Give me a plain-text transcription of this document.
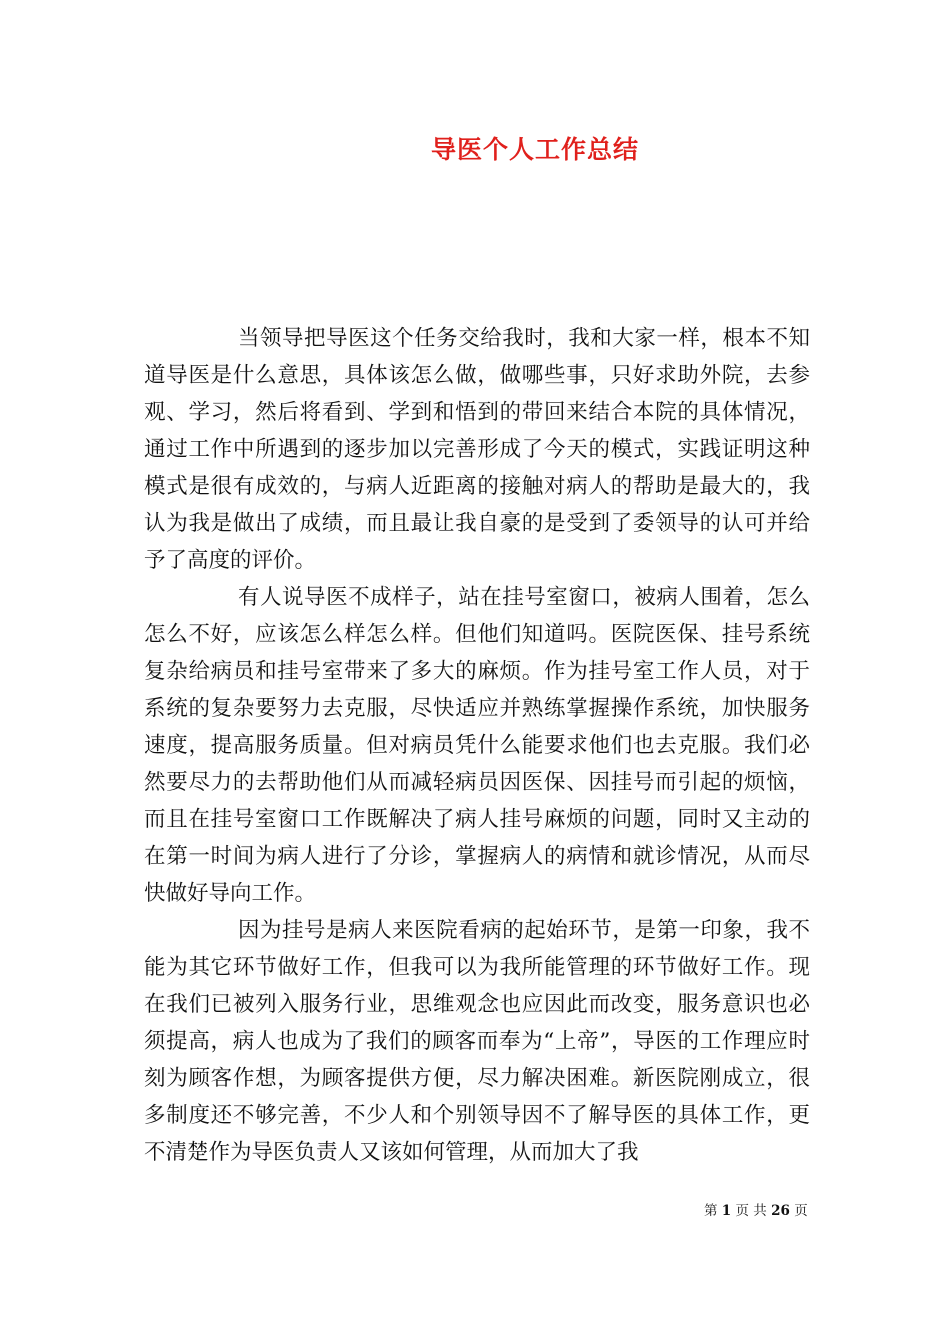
导医个人工作总结

当领导把导医这个任务交给我时，我和大家一样，根本不知道导医是什么意思，具体该怎么做，做哪些事，只好求助外院，去参观、学习，然后将看到、学到和悟到的带回来结合本院的具体情况，通过工作中所遇到的逐步加以完善形成了今天的模式，实践证明这种模式是很有成效的，与病人近距离的接触对病人的帮助是最大的，我认为我是做出了成绩，而且最让我自豪的是受到了委领导的认可并给予了高度的评价。

有人说导医不成样子，站在挂号室窗口，被病人围着，怎么怎么不好，应该怎么样怎么样。但他们知道吗。医院医保、挂号系统复杂给病员和挂号室带来了多大的麻烦。作为挂号室工作人员，对于系统的复杂要努力去克服，尽快适应并熟练掌握操作系统，加快服务速度，提高服务质量。但对病员凭什么能要求他们也去克服。我们必然要尽力的去帮助他们从而减轻病员因医保、因挂号而引起的烦恼，而且在挂号室窗口工作既解决了病人挂号麻烦的问题，同时又主动的在第一时间为病人进行了分诊，掌握病人的病情和就诊情况，从而尽快做好导向工作。

因为挂号是病人来医院看病的起始环节，是第一印象，我不能为其它环节做好工作，但我可以为我所能管理的环节做好工作。现在我们已被列入服务行业，思维观念也应因此而改变，服务意识也必须提高，病人也成为了我们的顾客而奉为“上帝”，导医的工作理应时刻为顾客作想，为顾客提供方便，尽力解决困难。新医院刚成立，很多制度还不够完善，不少人和个别领导因不了解导医的具体工作，更不清楚作为导医负责人又该如何管理，从而加大了我

第 1 页 共 26 页
